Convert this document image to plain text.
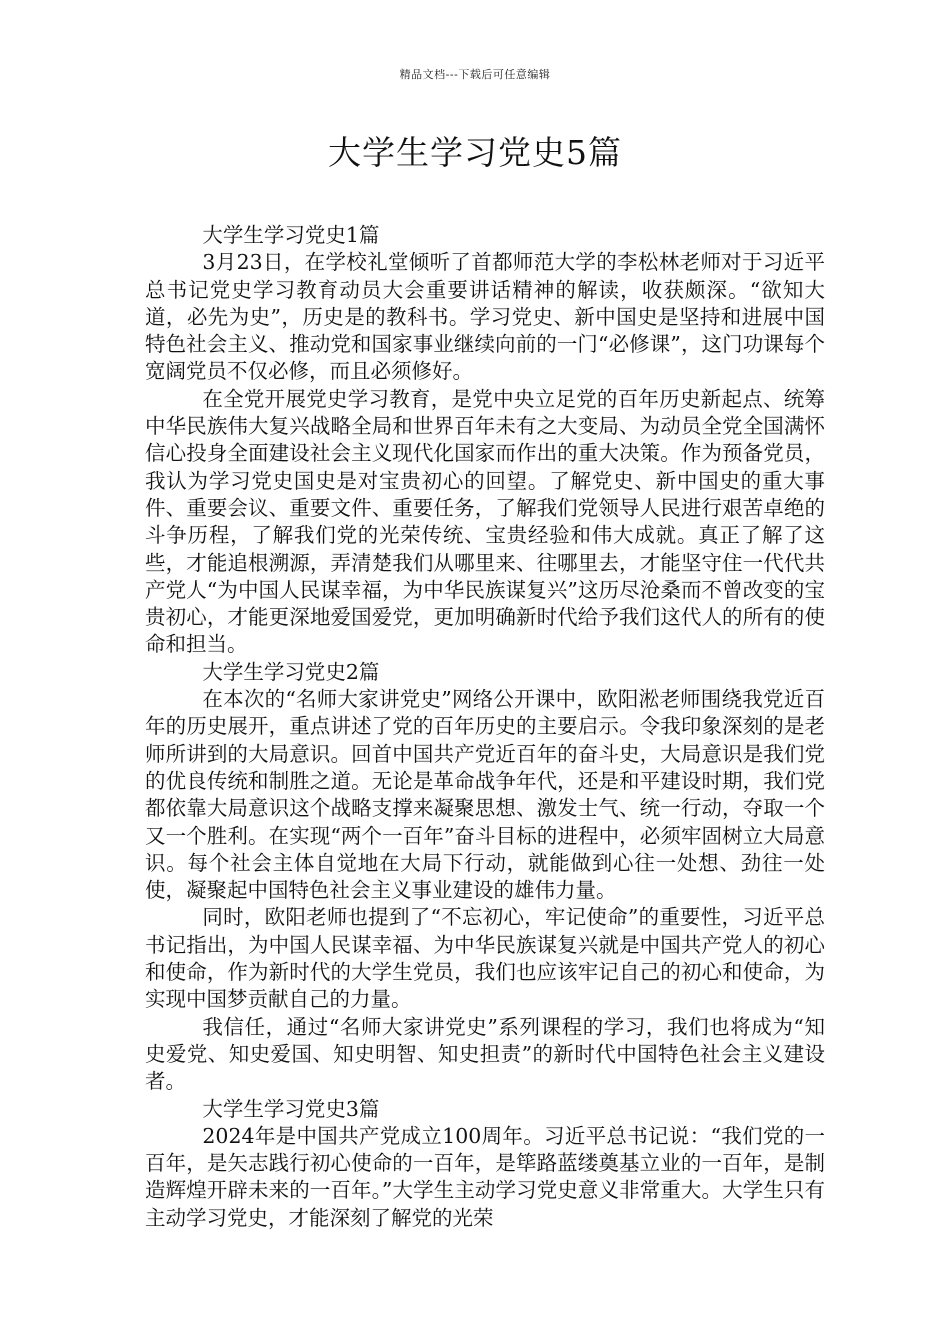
精品文档---下载后可任意编辑
大学生学习党史5篇

大学生学习党史1篇

3月23日，在学校礼堂倾听了首都师范大学的李松林老师对于习近平总书记党史学习教育动员大会重要讲话精神的解读，收获颇深。“欲知大道，必先为史”，历史是的教科书。学习党史、新中国史是坚持和进展中国特色社会主义、推动党和国家事业继续向前的一门“必修课”，这门功课每个宽阔党员不仅必修，而且必须修好。

在全党开展党史学习教育，是党中央立足党的百年历史新起点、统筹中华民族伟大复兴战略全局和世界百年未有之大变局、为动员全党全国满怀信心投身全面建设社会主义现代化国家而作出的重大决策。作为预备党员，我认为学习党史国史是对宝贵初心的回望。了解党史、新中国史的重大事件、重要会议、重要文件、重要任务，了解我们党领导人民进行艰苦卓绝的斗争历程，了解我们党的光荣传统、宝贵经验和伟大成就。真正了解了这些，才能追根溯源，弄清楚我们从哪里来、往哪里去，才能坚守住一代代共产党人“为中国人民谋幸福，为中华民族谋复兴”这历尽沧桑而不曾改变的宝贵初心，才能更深地爱国爱党，更加明确新时代给予我们这代人的所有的使命和担当。

大学生学习党史2篇

在本次的“名师大家讲党史”网络公开课中，欧阳淞老师围绕我党近百年的历史展开，重点讲述了党的百年历史的主要启示。令我印象深刻的是老师所讲到的大局意识。回首中国共产党近百年的奋斗史，大局意识是我们党的优良传统和制胜之道。无论是革命战争年代，还是和平建设时期，我们党都依靠大局意识这个战略支撑来凝聚思想、激发士气、统一行动，夺取一个又一个胜利。在实现“两个一百年”奋斗目标的进程中，必须牢固树立大局意识。每个社会主体自觉地在大局下行动，就能做到心往一处想、劲往一处使，凝聚起中国特色社会主义事业建设的雄伟力量。

同时，欧阳老师也提到了“不忘初心，牢记使命”的重要性，习近平总书记指出，为中国人民谋幸福、为中华民族谋复兴就是中国共产党人的初心和使命，作为新时代的大学生党员，我们也应该牢记自己的初心和使命，为实现中国梦贡献自己的力量。

我信任，通过“名师大家讲党史”系列课程的学习，我们也将成为“知史爱党、知史爱国、知史明智、知史担责”的新时代中国特色社会主义建设者。

大学生学习党史3篇

2024年是中国共产党成立100周年。习近平总书记说：“我们党的一百年，是矢志践行初心使命的一百年，是筚路蓝缕奠基立业的一百年，是制造辉煌开辟未来的一百年。”大学生主动学习党史意义非常重大。大学生只有主动学习党史，才能深刻了解党的光荣
